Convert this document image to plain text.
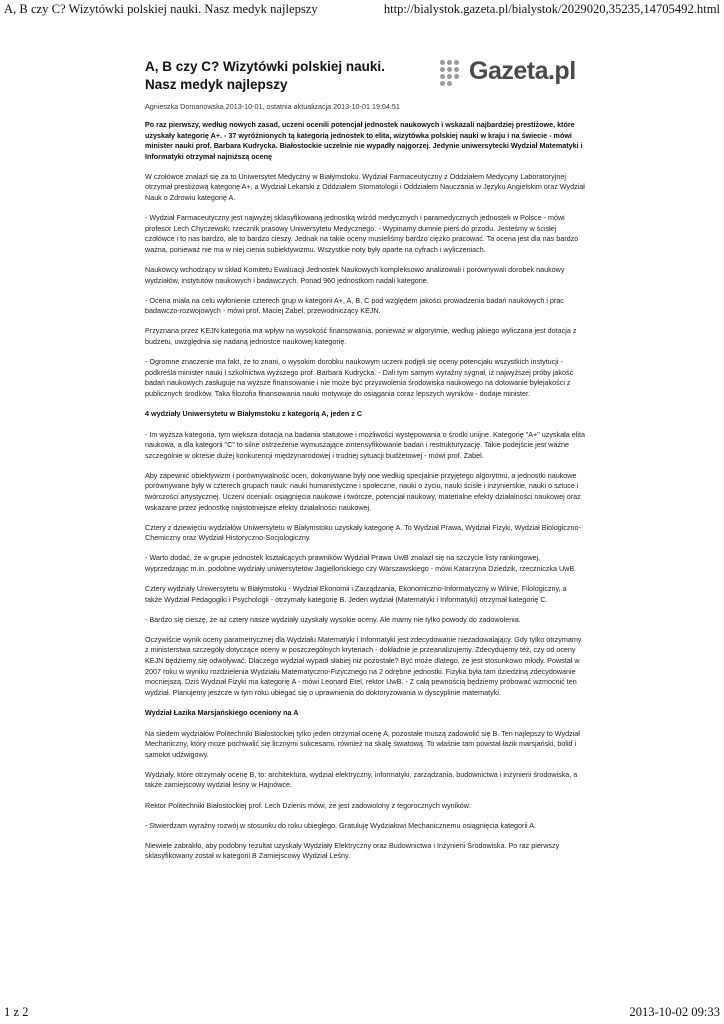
A, B czy C? Wizytówki polskiej nauki. Nasz medyk najlepszy	http://bialystok.gazeta.pl/bialystok/2029020,35235,14705492.html
A, B czy C? Wizytówki polskiej nauki. Nasz medyk najlepszy	Gazeta.pl

Agnieszka Domanowska 2013-10-01, ostatnia aktualizacja 2013-10-01 19:04:51

Po raz pierwszy, według nowych zasad, uczeni ocenili potencjał jednostek naukowych i wskazali najbardziej prestiżowe, które uzyskały kategorię A+. - 37 wyróżnionych tą kategorią jednostek to elita, wizytówka polskiej nauki w kraju i na świecie - mówi minister nauki prof. Barbara Kudrycka. Białostockie uczelnie nie wypadły najgorzej. Jedynie uniwersytecki Wydział Matematyki i Informatyki otrzymał najniższą ocenę

W czołówce znalazł się za to Uniwersytet Medyczny w Białymstoku. Wydział Farmaceutyczny z Oddziałem Medycyny Laboratoryjnej otrzymał prestiżową kategorię A+, a Wydział Lekarski z Oddziałem Stomatologii i Oddziałem Nauczania w Języku Angielskim oraz Wydział Nauk o Zdrowiu kategorię A.

- Wydział Farmaceutyczny jest najwyżej sklasyfikowaną jednostką wśród medycznych i paramedycznych jednostek w Polsce - mówi profesor Lech Chyczewski, rzecznik prasowy Uniwersytetu Medycznego. - Wypinamy dumnie pierś do przodu. Jesteśmy w ścisłej czołówce i to nas bardzo, ale to bardzo cieszy. Jednak na takie oceny musieliśmy bardzo ciężko pracować. Ta ocena jest dla nas bardzo ważna, ponieważ nie ma w niej cienia subiektywizmu. Wszystkie noty były oparte na cyfrach i wyliczeniach.

Naukowcy wchodzący w skład Komitetu Ewaluacji Jednostek Naukowych kompleksowo analizowali i porównywali dorobek naukowy wydziałów, instytutów naukowych i badawczych. Ponad 960 jednostkom nadali kategorie.

- Ocena miała na celu wyłonienie czterech grup w kategorii A+, A, B, C pod względem jakości prowadzenia badań naukowych i prac badawczo-rozwojowych - mówi prof. Maciej Zabel, przewodniczący KEJN.

Przyznana przez KEJN kategoria ma wpływ na wysokość finansowania, ponieważ w algorytmie, według jakiego wyliczana jest dotacja z budżetu, uwzględnia się nadaną jednostce naukowej kategorię.

- Ogromne znaczenie ma fakt, że to znani, o wysokim dorobku naukowym uczeni podjęli się oceny potencjału wszystkich instytucji - podkreśla minister nauki i szkolnictwa wyższego prof. Barbara Kudrycka. - Dali tym samym wyraźny sygnał, iż najwyższej próby jakość badań naukowych zasługuje na wyższe finansowanie i nie może być przyzwolenia środowiska naukowego na dotowanie byłejakości z publicznych środków. Taka filozofia finansowania nauki motywuje do osiągania coraz lepszych wyników - dodaje minister.

4 wydziały Uniwersytetu w Białymstoku z kategorią A, jeden z C

- Im wyższa kategoria, tym większa dotacja na badania statutowe i możliwości występowania o środki unijne. Kategorię "A+" uzyskała elita naukowa, a dla kategorii "C" to silne ostrzeżenie wymuszające zintensyfikowanie badań i restrukturyzację. Takie podejście jest ważne szczególnie w okresie dużej konkurencji międzynarodowej i trudnej sytuacji budżetowej - mówi prof. Zabel.

Aby zapewnić obiektywizm i porównywalność ocen, dokonywane były one według specjalnie przyjętego algorytmu, a jednostki naukowe porównywane były w czterech grupach nauk: nauki humanistyczne i społeczne, nauki o życiu, nauki ścisłe i inżynierskie, nauki o sztuce i twórczości artystycznej. Uczeni oceniali: osiągnięcia naukowe i twórcze, potencjał naukowy, materialne efekty działalności naukowej oraz wskazane przez jednostkę najistotniejsze efekty działalności naukowej.

Cztery z dziewięciu wydziałów Uniwersytetu w Białymstoku uzyskały kategorię A. To Wydział Prawa, Wydział Fizyki, Wydział Biologiczno-Chemiczny oraz Wydział Historyczno-Socjologiczny.

- Warto dodać, że w grupie jednostek kształcących prawników Wydział Prawa UwB znalazł się na szczycie listy rankingowej, wyprzedzając m.in. podobne wydziały uniwersytetów Jagiellońskiego czy Warszawskiego - mówi Katarzyna Dziedzik, rzeczniczka UwB.

Cztery wydziały Uniwersytetu w Białymstoku - Wydział Ekonomii i Zarządzania, Ekonomiczno-Informatyczny w Wilnie, Filologiczny, a także Wydział Pedagogiki i Psychologii - otrzymały kategorię B. Jeden wydział (Matematyki i Informatyki) otrzymał kategorię C.

- Bardzo się cieszę, że aż cztery nasze wydziały uzyskały wysokie oceny. Ale mamy nie tylko powody do zadowolenia.

Oczywiście wynik oceny parametrycznej dla Wydziału Matematyki i Informatyki jest zdecydowanie niezadowalający. Gdy tylko otrzymamy z ministerstwa szczegóły dotyczące oceny w poszczególnych kryteriach - dokładnie je przeanalizujemy. Zdecydujemy też, czy od oceny KEJN będziemy się odwoływać. Dlaczego wydział wypadł słabiej niż pozostałe? Być może dlatego, że jest stosunkowo młody. Powstał w 2007 roku w wyniku rozdzielenia Wydziału Matematyczno-Fizycznego na 2 odrębne jednostki. Fizyka była tam dziedziną zdecydowanie mocniejszą. Dziś Wydział Fizyki ma kategorię A - mówi Leonard Etel, rektor UwB. - Z całą pewnością będziemy próbować wzmocnić ten wydział. Planujemy jeszcze w tym roku ubiegać się o uprawnienia do doktoryzowania w dyscyplinie matematyki.

Wydział Łazika Marsjańskiego oceniony na A

Na siedem wydziałów Politechniki Białostockiej tylko jeden otrzymał ocenę A, pozostałe muszą zadowolić się B. Ten najlepszy to Wydział Mechaniczny, który może pochwalić się licznymi sukcesami, również na skalę światową. To właśnie tam powstał łazik marsjański, bolid i samolot udźwigowy.

Wydziały, które otrzymały ocenę B, to: architektura, wydział elektryczny, informatyki, zarządzania, budownictwa i inżynierii środowiska, a także zamiejscowy wydział leśny w Hajnówce.

Rektor Politechniki Białostockiej prof. Lech Dzienis mówi, że jest zadowolony z tegorocznych wyników:

- Stwierdzam wyraźny rozwój w stosunku do roku ubiegłego. Gratuluję Wydziałowi Mechanicznemu osiągnięcia kategorii A.

Niewiele zabrakło, aby podobny rezultat uzyskały Wydziały Elektryczny oraz Budownictwa i Inżynierii Środowiska. Po raz pierwszy sklasyfikowany został w kategorii B Zamiejscowy Wydział Leśny.

1 z 2	2013-10-02 09:33
